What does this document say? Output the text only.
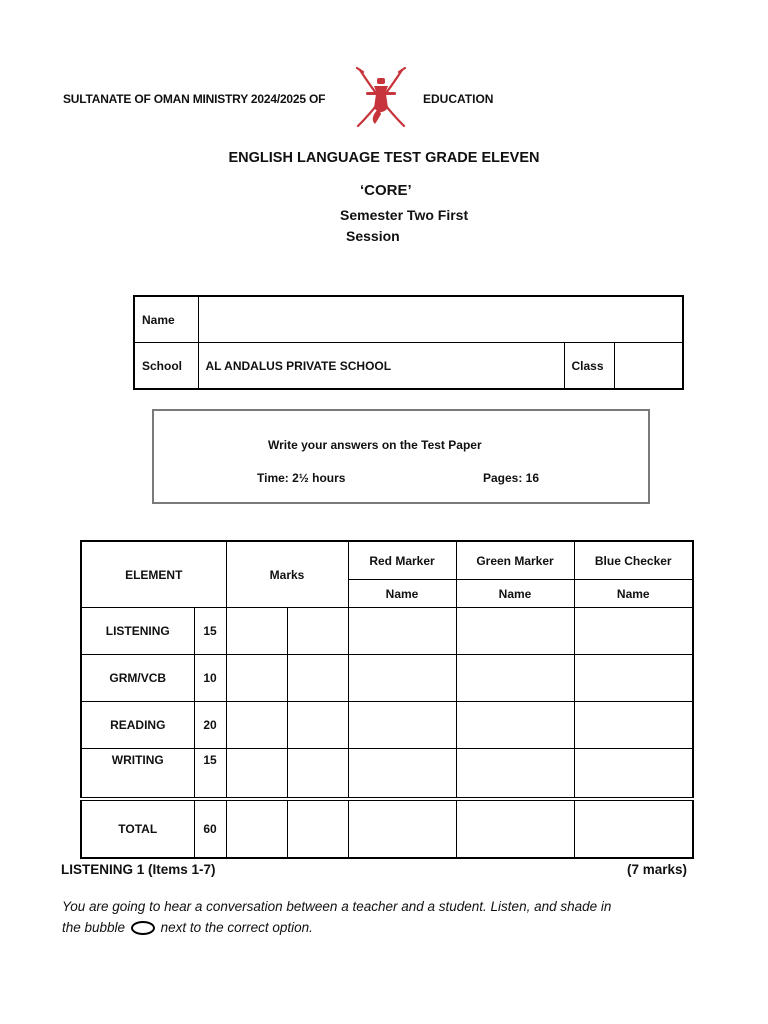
SULTANATE OF OMAN MINISTRY 2024/2025 OF	EDUCATION
ENGLISH LANGUAGE TEST GRADE ELEVEN
‘CORE’
Semester Two First
Session
Name			
School	AL ANDALUS PRIVATE SCHOOL	Class	
Write your answers on the Test Paper
Time: 2½ hours	Pages: 16
ELEMENT		Marks		Red Marker	Green Marker	Blue Checker
				Name	Name	Name
LISTENING	15					
GRM/VCB	10					
READING	20					
WRITING	15					
TOTAL	60					
LISTENING 1 (Items 1-7)	(7 marks)
You are going to hear a conversation between a teacher and a student. Listen, and shade in the bubble	next to the correct option.
